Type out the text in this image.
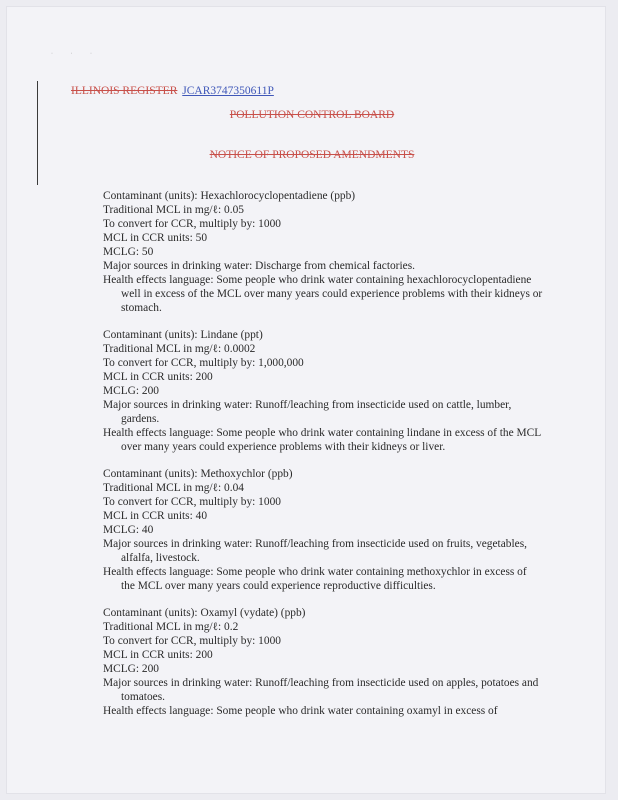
· · ·
ILLINOIS REGISTER JCAR3747350611P
POLLUTION CONTROL BOARD
NOTICE OF PROPOSED AMENDMENTS

Contaminant (units): Hexachlorocyclopentadiene (ppb)

Traditional MCL in mg/ℓ: 0.05

To convert for CCR, multiply by: 1000

MCL in CCR units: 50

MCLG: 50

Major sources in drinking water: Discharge from chemical factories.

Health effects language: Some people who drink water containing hexachlorocyclopentadiene well in excess of the MCL over many years could experience problems with their kidneys or stomach.

Contaminant (units): Lindane (ppt)

Traditional MCL in mg/ℓ: 0.0002

To convert for CCR, multiply by: 1,000,000

MCL in CCR units: 200

MCLG: 200

Major sources in drinking water: Runoff/leaching from insecticide used on cattle, lumber, gardens.

Health effects language: Some people who drink water containing lindane in excess of the MCL over many years could experience problems with their kidneys or liver.

Contaminant (units): Methoxychlor (ppb)

Traditional MCL in mg/ℓ: 0.04

To convert for CCR, multiply by: 1000

MCL in CCR units: 40

MCLG: 40

Major sources in drinking water: Runoff/leaching from insecticide used on fruits, vegetables, alfalfa, livestock.

Health effects language: Some people who drink water containing methoxychlor in excess of the MCL over many years could experience reproductive difficulties.

Contaminant (units): Oxamyl (vydate) (ppb)

Traditional MCL in mg/ℓ: 0.2

To convert for CCR, multiply by: 1000

MCL in CCR units: 200

MCLG: 200

Major sources in drinking water: Runoff/leaching from insecticide used on apples, potatoes and tomatoes.

Health effects language: Some people who drink water containing oxamyl in excess of
